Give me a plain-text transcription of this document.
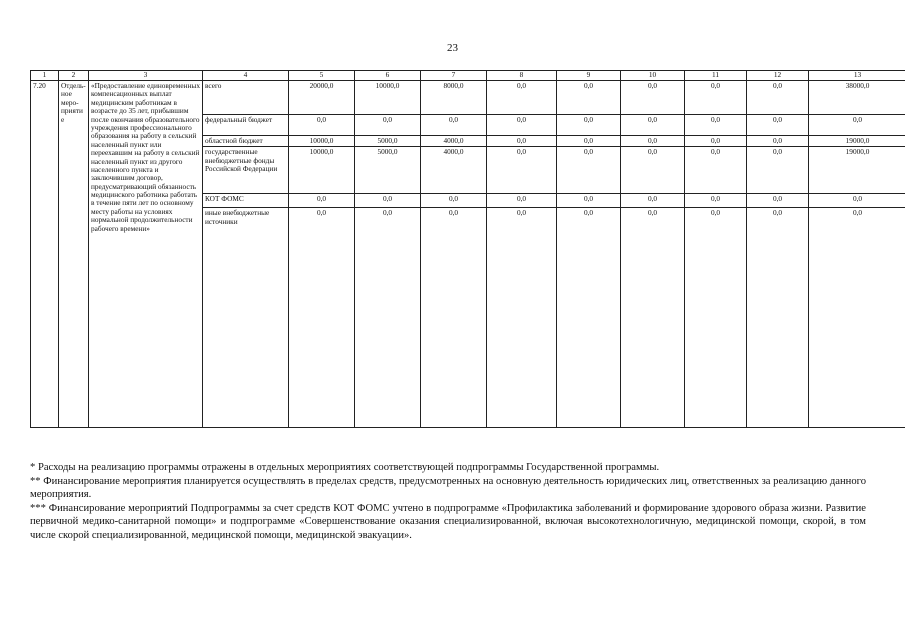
23
1	2	3	4	5	6	7	8	9	10	11	12	13
7.20	Отдель-ное меро-приятие	«Предоставление единовременных компенсационных выплат медицинским работникам в возрасте до 35 лет, прибывшим после окончания образовательного учреждения профессионального образования на работу в сельский населенный пункт или переехавшим на работу в сельский населенный пункт из другого населенного пункта и заключившим договор, предусматривающий обязанность медицинского работника работать в течение пяти лет по основному месту работы на условиях нормальной продолжительности рабочего времени»	всего	20000,0	10000,0	8000,0	0,0	0,0	0,0	0,0	0,0	38000,0
			федеральный бюджет	0,0	0,0	0,0	0,0	0,0	0,0	0,0	0,0	0,0
			областной бюджет	10000,0	5000,0	4000,0	0,0	0,0	0,0	0,0	0,0	19000,0
			государственные внебюджетные фонды Российской Федерации	10000,0	5000,0	4000,0	0,0	0,0	0,0	0,0	0,0	19000,0
			КОТ ФОМС	0,0	0,0	0,0	0,0	0,0	0,0	0,0	0,0	0,0
			иные внебюджетные источники	0,0	0,0	0,0	0,0	0,0	0,0	0,0	0,0	0,0

* Расходы на реализацию программы отражены в отдельных мероприятиях соответствующей подпрограммы Государственной программы.

** Финансирование мероприятия планируется осуществлять в пределах средств, предусмотренных на основную деятельность юридических лиц, ответственных за реализацию данного мероприятия.

*** Финансирование мероприятий Подпрограммы за счет средств КОТ ФОМС учтено в подпрограмме «Профилактика заболеваний и формирование здорового образа жизни. Развитие первичной медико-санитарной помощи» и подпрограмме «Совершенствование оказания специализированной, включая высокотехнологичную, медицинской помощи, скорой, в том числе скорой специализированной, медицинской помощи, медицинской эвакуации».
